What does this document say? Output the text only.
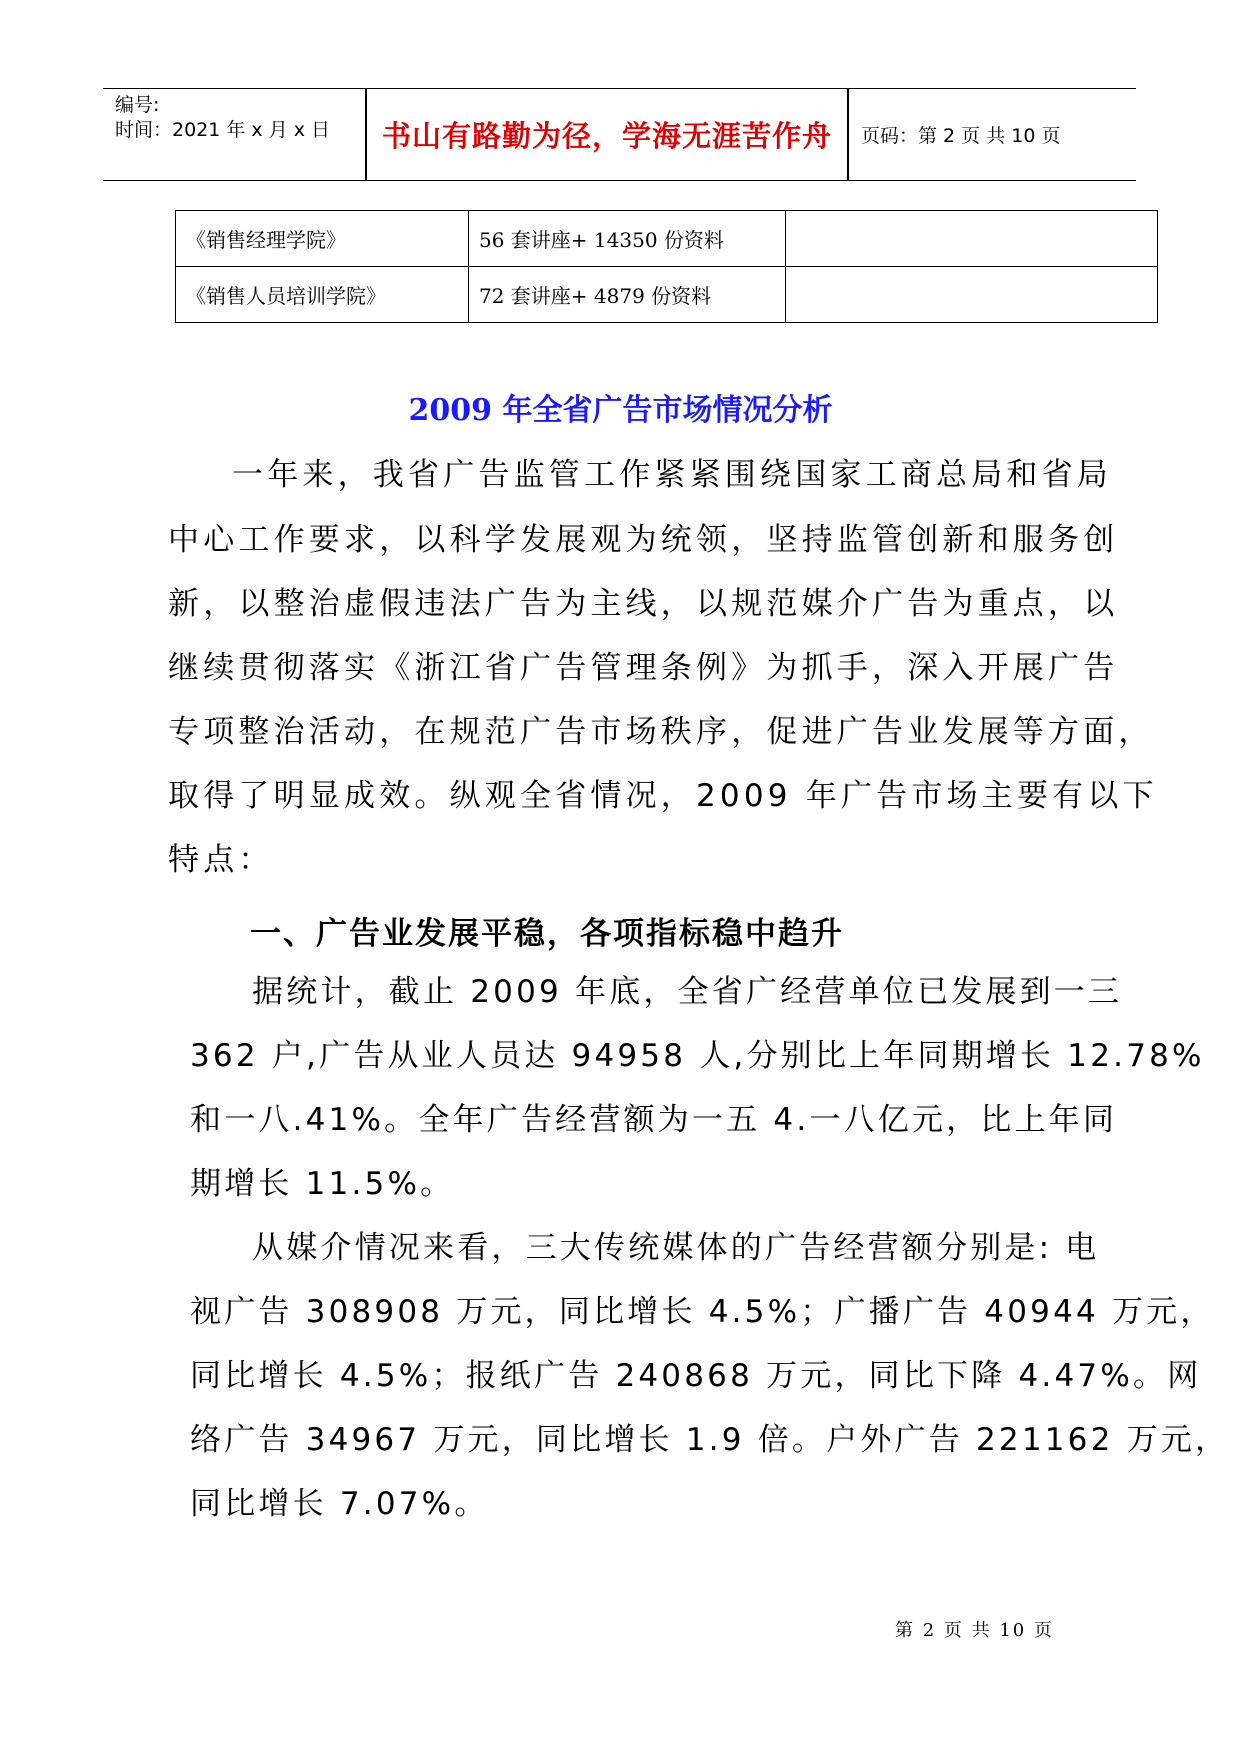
编号:
时间：2021 年 x 月 x 日	书山有路勤为径，学海无涯苦作舟	页码：第 2 页 共 10 页
《销售经理学院》	56 套讲座+ 14350 份资料	
《销售人员培训学院》	72 套讲座+ 4879 份资料	
2009 年全省广告市场情况分析
一年来，我省广告监管工作紧紧围绕国家工商总局和省局
中心工作要求，以科学发展观为统领，坚持监管创新和服务创
新，以整治虚假违法广告为主线，以规范媒介广告为重点，以
继续贯彻落实《浙江省广告管理条例》为抓手，深入开展广告
专项整治活动，在规范广告市场秩序，促进广告业发展等方面，
取得了明显成效。纵观全省情况，2009 年广告市场主要有以下
特点：
一、广告业发展平稳，各项指标稳中趋升
据统计，截止 2009 年底，全省广经营单位已发展到一三
362 户,广告从业人员达 94958 人,分别比上年同期增长 12.78%
和一八.41%。全年广告经营额为一五 4.一八亿元，比上年同
期增长 11.5%。
从媒介情况来看，三大传统媒体的广告经营额分别是: 电
视广告 308908 万元，同比增长 4.5%；广播广告 40944 万元，
同比增长 4.5%；报纸广告 240868 万元，同比下降 4.47%。网
络广告 34967 万元，同比增长 1.9 倍。户外广告 221162 万元，
同比增长 7.07%。
第 2 页 共 10 页
